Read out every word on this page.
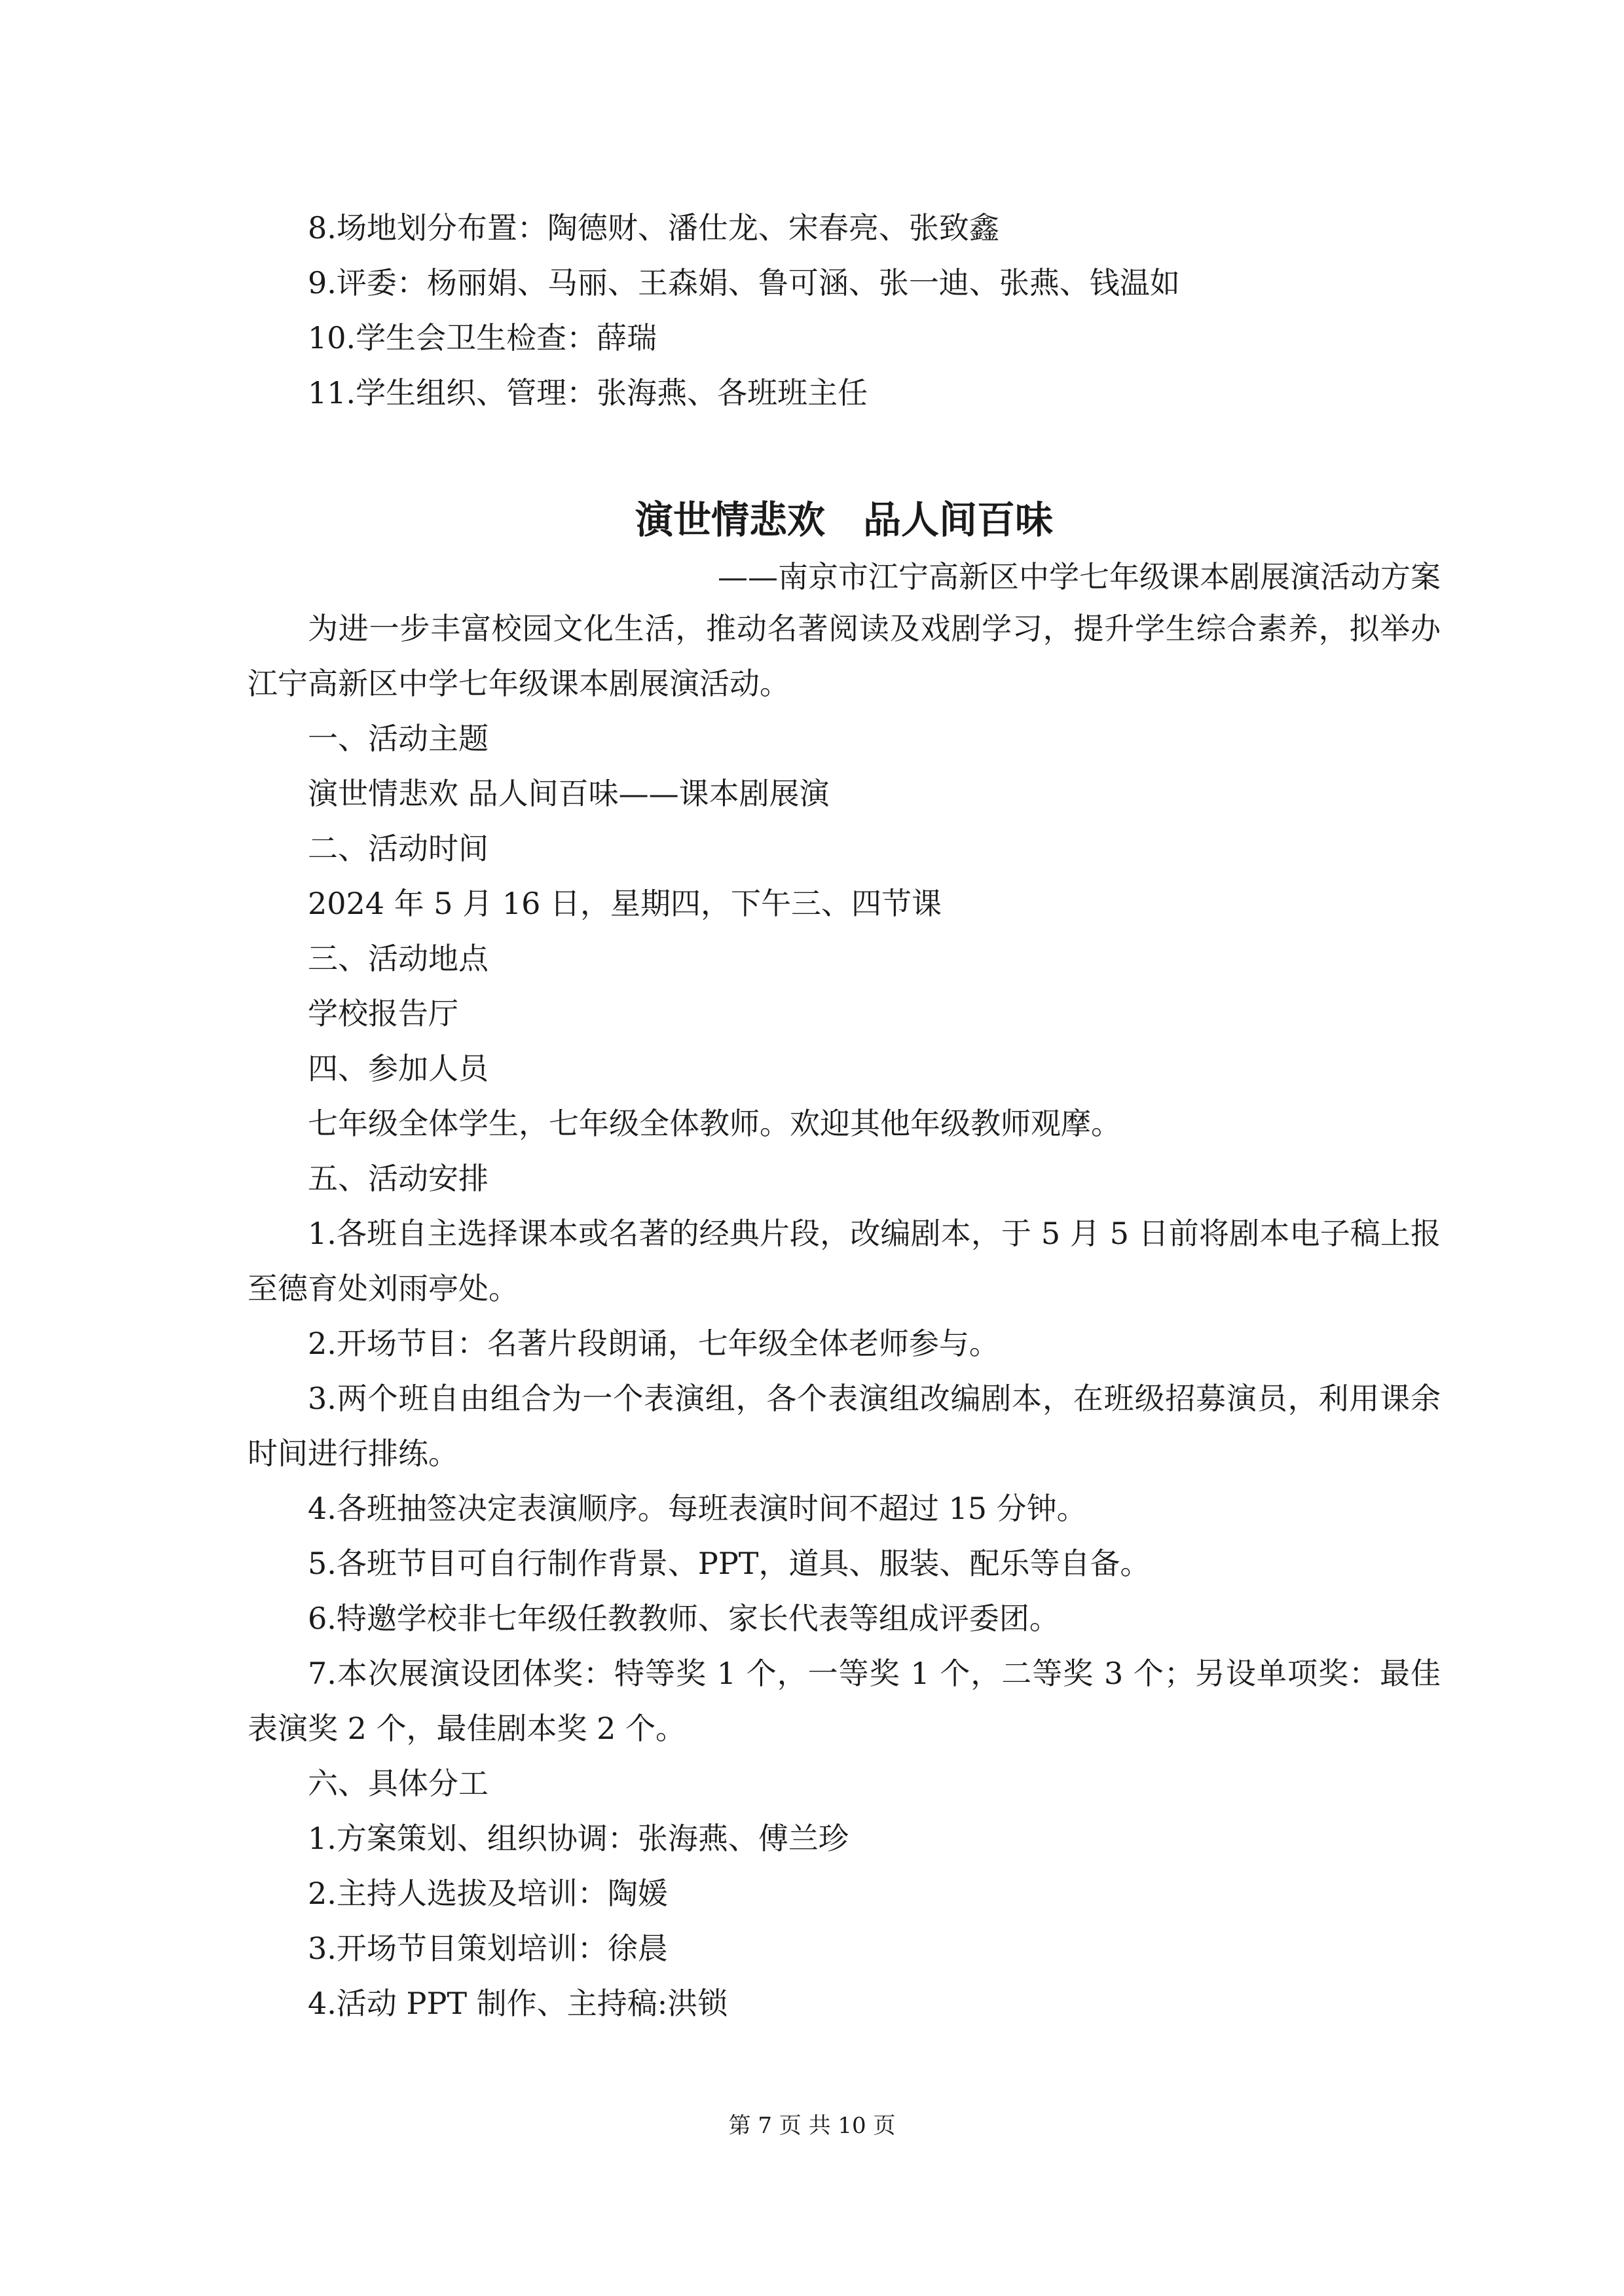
8.场地划分布置：陶德财、潘仕龙、宋春亮、张致鑫
9.评委：杨丽娟、马丽、王森娟、鲁可涵、张一迪、张燕、钱温如
10.学生会卫生检查：薛瑞
11.学生组织、管理：张海燕、各班班主任
演世情悲欢　品人间百味
——南京市江宁高新区中学七年级课本剧展演活动方案
为进一步丰富校园文化生活，推动名著阅读及戏剧学习，提升学生综合素养，拟举办江宁高新区中学七年级课本剧展演活动。
一、活动主题
演世情悲欢 品人间百味——课本剧展演
二、活动时间
2024 年 5 月 16 日，星期四，下午三、四节课
三、活动地点
学校报告厅
四、参加人员
七年级全体学生，七年级全体教师。欢迎其他年级教师观摩。
五、活动安排
1.各班自主选择课本或名著的经典片段，改编剧本，于 5 月 5 日前将剧本电子稿上报至德育处刘雨亭处。
2.开场节目：名著片段朗诵，七年级全体老师参与。
3.两个班自由组合为一个表演组，各个表演组改编剧本，在班级招募演员，利用课余时间进行排练。
4.各班抽签决定表演顺序。每班表演时间不超过 15 分钟。
5.各班节目可自行制作背景、PPT，道具、服装、配乐等自备。
6.特邀学校非七年级任教教师、家长代表等组成评委团。
7.本次展演设团体奖：特等奖 1 个，一等奖 1 个，二等奖 3 个；另设单项奖：最佳表演奖 2 个，最佳剧本奖 2 个。
六、具体分工
1.方案策划、组织协调：张海燕、傅兰珍
2.主持人选拔及培训：陶媛
3.开场节目策划培训：徐晨
4.活动 PPT 制作、主持稿:洪锁
第 7 页 共 10 页
